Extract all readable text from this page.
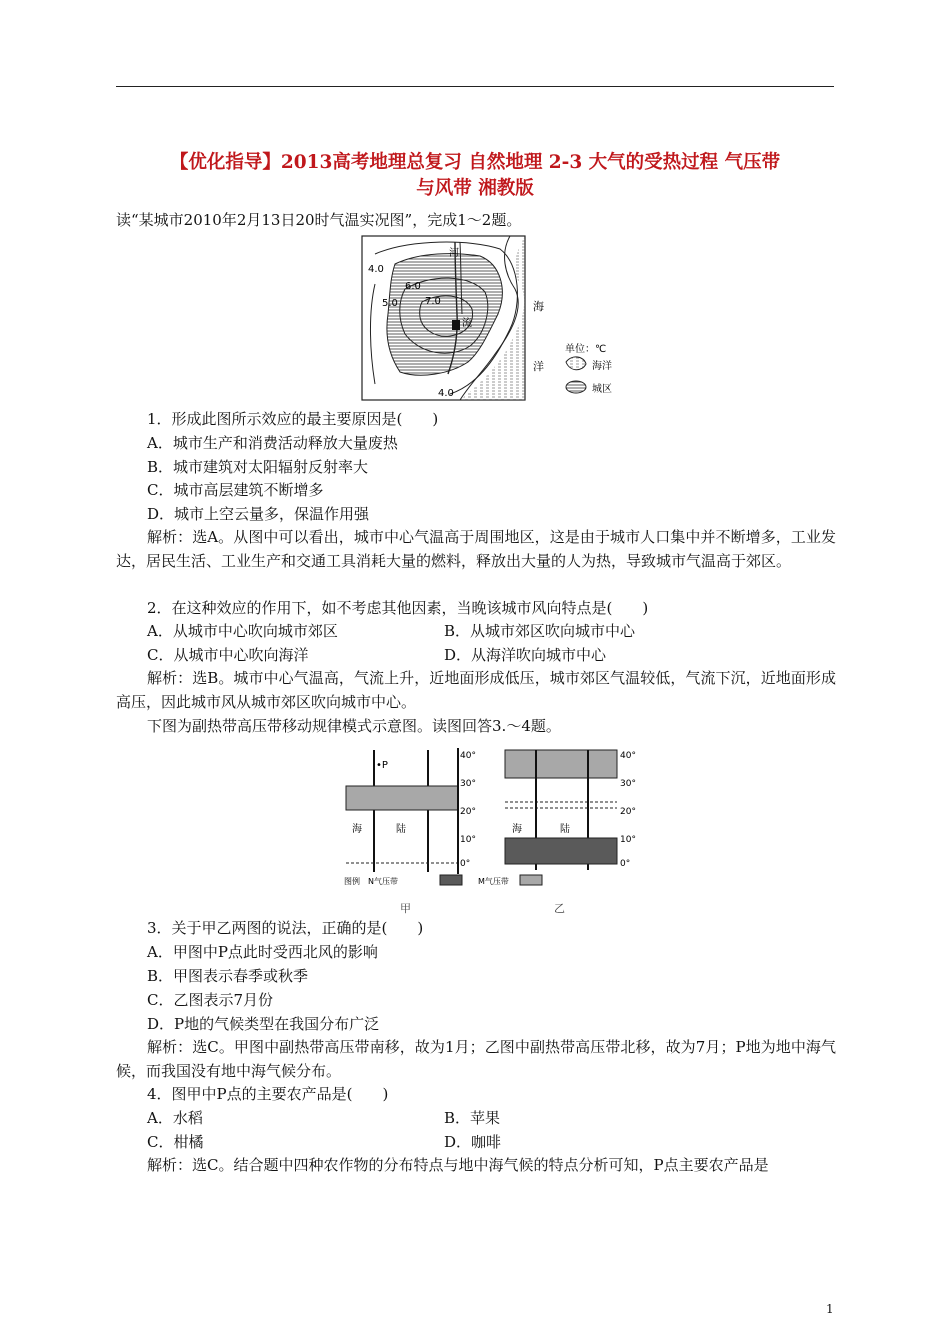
【优化指导】2013高考地理总复习 自然地理 2-3 大气的受热过程 气压带
与风带 湘教版
读“某城市2010年2月13日20时气温实况图”，完成1～2题。
4.0
5.0
6.0
7.0
4.0
河
流
海
洋
单位：℃
海洋
城区
1．形成此图所示效应的最主要原因是(　　)
A．城市生产和消费活动释放大量废热
B．城市建筑对太阳辐射反射率大
C．城市高层建筑不断增多
D．城市上空云量多，保温作用强
解析：选A。从图中可以看出，城市中心气温高于周围地区，这是由于城市人口集中并不断增多，工业发达，居民生活、工业生产和交通工具消耗大量的燃料，释放出大量的人为热，导致城市气温高于郊区。
2．在这种效应的作用下，如不考虑其他因素，当晚该城市风向特点是(　　)
A．从城市中心吹向城市郊区	B．从城市郊区吹向城市中心
C．从城市中心吹向海洋	D．从海洋吹向城市中心
解析：选B。城市中心气温高，气流上升，近地面形成低压，城市郊区气温较低，气流下沉，近地面形成高压，因此城市风从城市郊区吹向城市中心。
下图为副热带高压带移动规律模式示意图。读图回答3.～4题。
•P
海	陆
40°
30°
20°
10°
0°
海	陆
40°
30°
20°
10°
0°
图例 N气压带	M气压带
甲	乙
3．关于甲乙两图的说法，正确的是(　　)
A．甲图中P点此时受西北风的影响
B．甲图表示春季或秋季
C．乙图表示7月份
D．P地的气候类型在我国分布广泛
解析：选C。甲图中副热带高压带南移，故为1月；乙图中副热带高压带北移，故为7月；P地为地中海气候，而我国没有地中海气候分布。
4．图甲中P点的主要农产品是(　　)
A．水稻	B．苹果
C．柑橘	D．咖啡
解析：选C。结合题中四种农作物的分布特点与地中海气候的特点分析可知，P点主要农产品是
1
